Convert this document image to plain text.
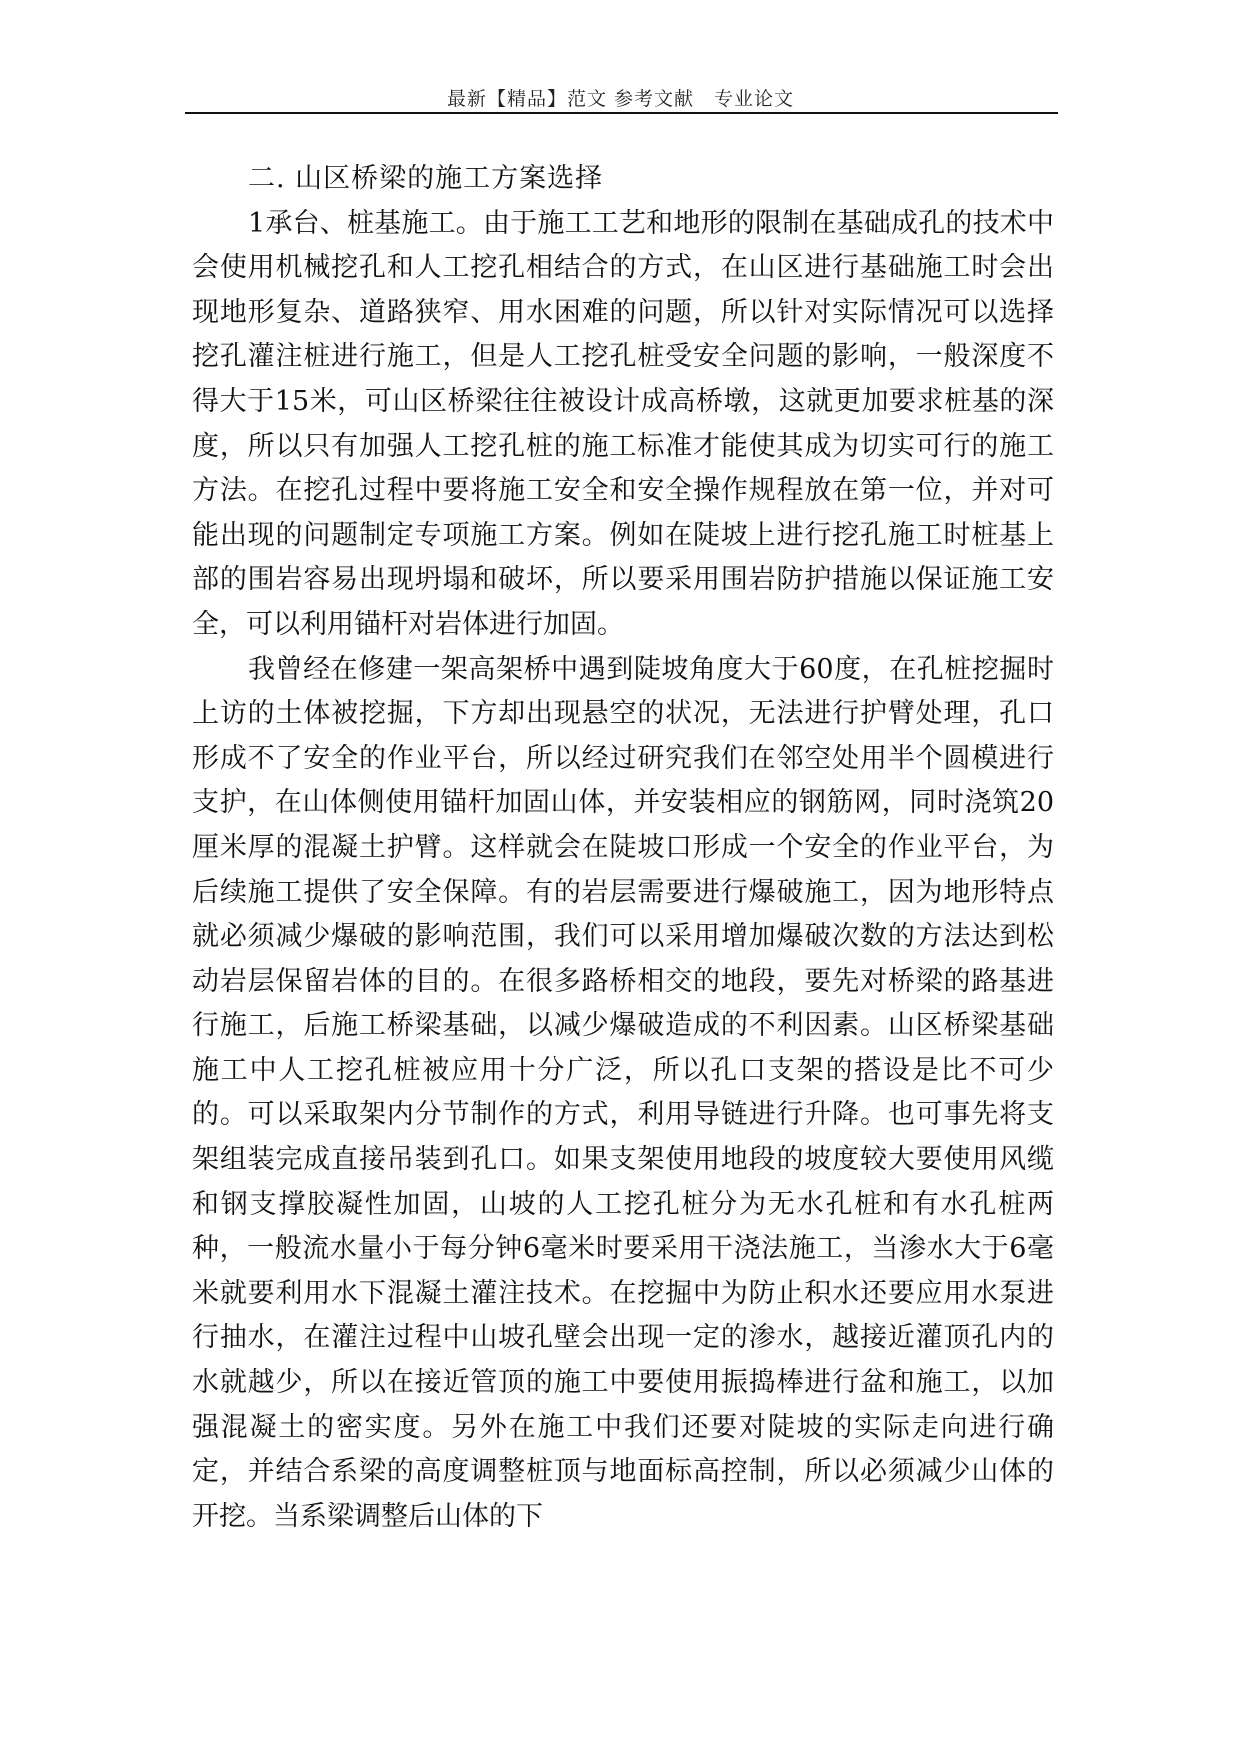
最新【精品】范文 参考文献　专业论文

二. 山区桥梁的施工方案选择

1承台、桩基施工。由于施工工艺和地形的限制在基础成孔的技术中会使用机械挖孔和人工挖孔相结合的方式，在山区进行基础施工时会出现地形复杂、道路狭窄、用水困难的问题，所以针对实际情况可以选择挖孔灌注桩进行施工，但是人工挖孔桩受安全问题的影响，一般深度不得大于15米，可山区桥梁往往被设计成高桥墩，这就更加要求桩基的深度，所以只有加强人工挖孔桩的施工标准才能使其成为切实可行的施工方法。在挖孔过程中要将施工安全和安全操作规程放在第一位，并对可能出现的问题制定专项施工方案。例如在陡坡上进行挖孔施工时桩基上部的围岩容易出现坍塌和破坏，所以要采用围岩防护措施以保证施工安全，可以利用锚杆对岩体进行加固。

我曾经在修建一架高架桥中遇到陡坡角度大于60度，在孔桩挖掘时上访的土体被挖掘，下方却出现悬空的状况，无法进行护臂处理，孔口形成不了安全的作业平台，所以经过研究我们在邻空处用半个圆模进行支护，在山体侧使用锚杆加固山体，并安装相应的钢筋网，同时浇筑20厘米厚的混凝土护臂。这样就会在陡坡口形成一个安全的作业平台，为后续施工提供了安全保障。有的岩层需要进行爆破施工，因为地形特点就必须减少爆破的影响范围，我们可以采用增加爆破次数的方法达到松动岩层保留岩体的目的。在很多路桥相交的地段，要先对桥梁的路基进行施工，后施工桥梁基础，以减少爆破造成的不利因素。山区桥梁基础施工中人工挖孔桩被应用十分广泛，所以孔口支架的搭设是比不可少的。可以采取架内分节制作的方式，利用导链进行升降。也可事先将支架组装完成直接吊装到孔口。如果支架使用地段的坡度较大要使用风缆和钢支撑胶凝性加固，山坡的人工挖孔桩分为无水孔桩和有水孔桩两种，一般流水量小于每分钟6毫米时要采用干浇法施工，当渗水大于6毫米就要利用水下混凝土灌注技术。在挖掘中为防止积水还要应用水泵进行抽水，在灌注过程中山坡孔壁会出现一定的渗水，越接近灌顶孔内的水就越少，所以在接近管顶的施工中要使用振捣棒进行盆和施工，以加强混凝土的密实度。另外在施工中我们还要对陡坡的实际走向进行确定，并结合系梁的高度调整桩顶与地面标高控制，所以必须减少山体的开挖。当系梁调整后山体的下
